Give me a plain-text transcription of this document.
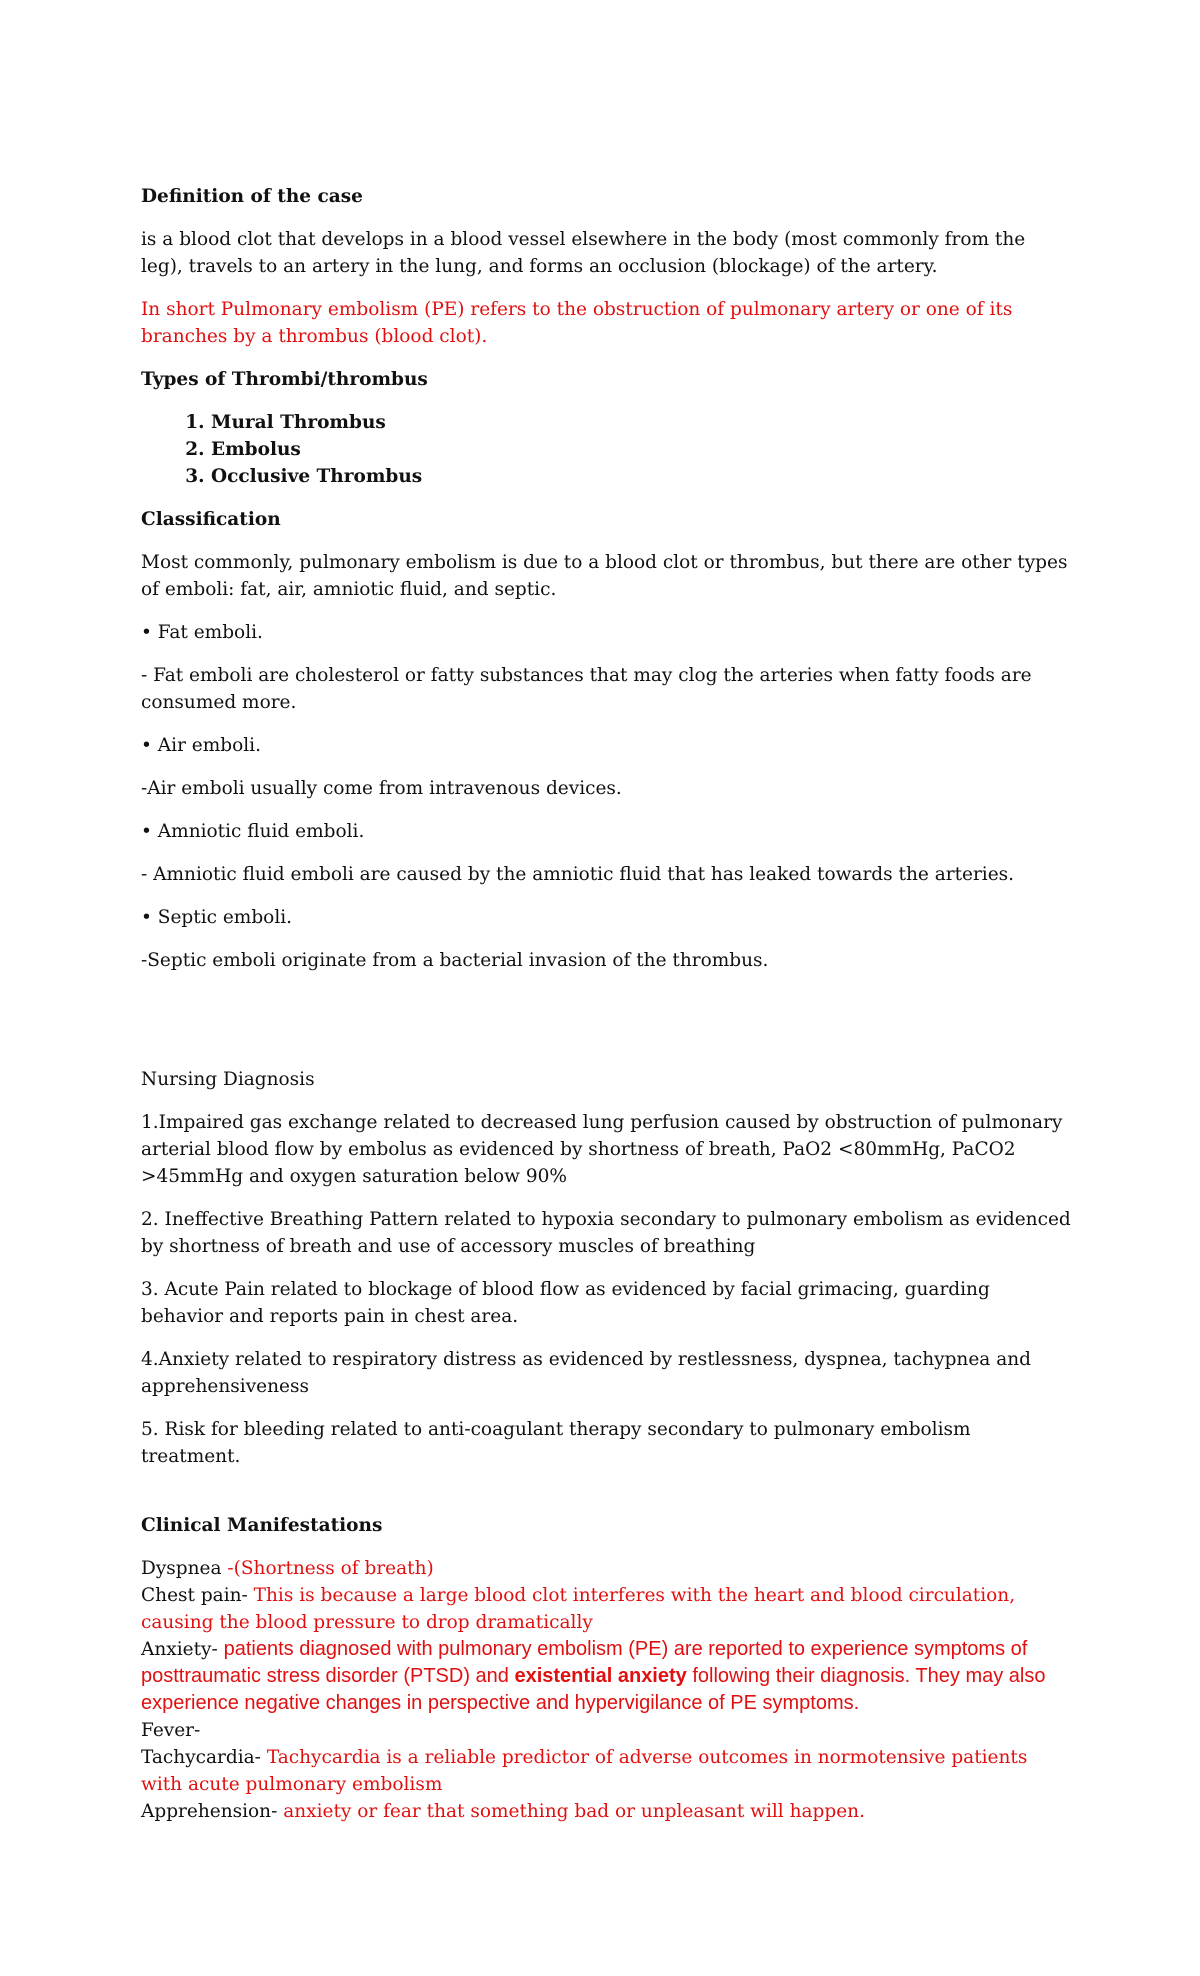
Definition of the case

is a blood clot that develops in a blood vessel elsewhere in the body (most commonly from the leg), travels to an artery in the lung, and forms an occlusion (blockage) of the artery.

In short Pulmonary embolism (PE) refers to the obstruction of pulmonary artery or one of its branches by a thrombus (blood clot).

Types of Thrombi/thrombus

1. Mural Thrombus
2. Embolus
3. Occlusive Thrombus

Classification

Most commonly, pulmonary embolism is due to a blood clot or thrombus, but there are other types of emboli: fat, air, amniotic fluid, and septic.

• Fat emboli.

- Fat emboli are cholesterol or fatty substances that may clog the arteries when fatty foods are consumed more.

• Air emboli.

-Air emboli usually come from intravenous devices.

• Amniotic fluid emboli.

- Amniotic fluid emboli are caused by the amniotic fluid that has leaked towards the arteries.

• Septic emboli.

-Septic emboli originate from a bacterial invasion of the thrombus.

Nursing Diagnosis

1.Impaired gas exchange related to decreased lung perfusion caused by obstruction of pulmonary arterial blood flow by embolus as evidenced by shortness of breath, PaO2 <80mmHg, PaCO2 >45mmHg and oxygen saturation below 90%

2. Ineffective Breathing Pattern related to hypoxia secondary to pulmonary embolism as evidenced by shortness of breath and use of accessory muscles of breathing

3. Acute Pain related to blockage of blood flow as evidenced by facial grimacing, guarding behavior and reports pain in chest area.

4.Anxiety related to respiratory distress as evidenced by restlessness, dyspnea, tachypnea and apprehensiveness

5. Risk for bleeding related to anti-coagulant therapy secondary to pulmonary embolism treatment.

Clinical Manifestations

Dyspnea -(Shortness of breath)

Chest pain- This is because a large blood clot interferes with the heart and blood circulation, causing the blood pressure to drop dramatically

Anxiety- patients diagnosed with pulmonary embolism (PE) are reported to experience symptoms of posttraumatic stress disorder (PTSD) and existential anxiety following their diagnosis. They may also experience negative changes in perspective and hypervigilance of PE symptoms.

Fever-

Tachycardia- Tachycardia is a reliable predictor of adverse outcomes in normotensive patients with acute pulmonary embolism

Apprehension- anxiety or fear that something bad or unpleasant will happen.
